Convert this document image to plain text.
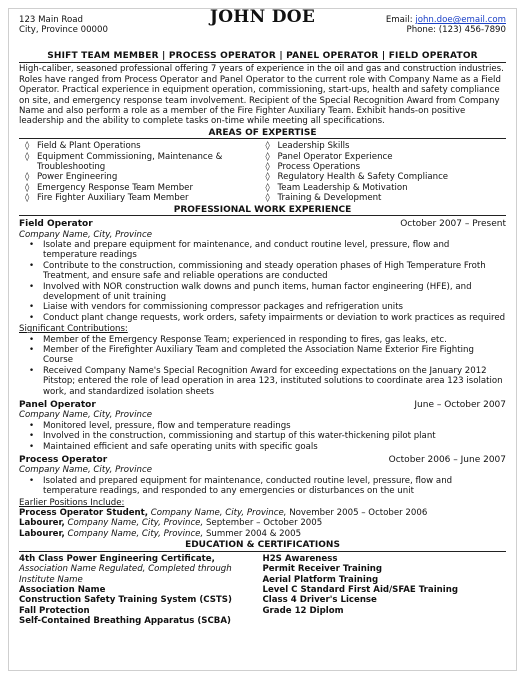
123 Main Road
City, Province 00000
JOHN DOE	Email: john.doe@email.com
Phone: (123) 456-7890
SHIFT TEAM MEMBER | PROCESS OPERATOR | PANEL OPERATOR | FIELD OPERATOR

High-caliber, seasoned professional offering 7 years of experience in the oil and gas and construction industries. Roles have ranged from Process Operator and Panel Operator to the current role with Company Name as a Field Operator. Practical experience in equipment operation, commissioning, start-ups, health and safety compliance on site, and emergency response team involvement. Recipient of the Special Recognition Award from Company Name and also perform a role as a member of the Fire Fighter Auxiliary Team. Exhibit hands-on positive leadership and the ability to complete tasks on-time while meeting all specifications.

AREAS OF EXPERTISE
◊ Field & Plant Operations
◊ Equipment Commissioning, Maintenance & Troubleshooting
◊ Power Engineering
◊ Emergency Response Team Member
◊ Fire Fighter Auxiliary Team Member
◊ Leadership Skills
◊ Panel Operator Experience
◊ Process Operations
◊ Regulatory Health & Safety Compliance
◊ Team Leadership & Motivation
◊ Training & Development
PROFESSIONAL WORK EXPERIENCE
Field Operator	October 2007 – Present
Company Name, City, Province
• Isolate and prepare equipment for maintenance, and conduct routine level, pressure, flow and temperature readings
• Contribute to the construction, commissioning and steady operation phases of High Temperature Froth Treatment, and ensure safe and reliable operations are conducted
• Involved with NOR construction walk downs and punch items, human factor engineering (HFE), and development of unit training
• Liaise with vendors for commissioning compressor packages and refrigeration units
• Conduct plant change requests, work orders, safety impairments or deviation to work practices as required
Significant Contributions:
• Member of the Emergency Response Team; experienced in responding to fires, gas leaks, etc.
• Member of the Firefighter Auxiliary Team and completed the Association Name Exterior Fire Fighting Course
• Received Company Name's Special Recognition Award for exceeding expectations on the January 2012 Pitstop; entered the role of lead operation in area 123, instituted solutions to coordinate area 123 isolation work, and standardized isolation sheets
Panel Operator	June – October 2007
Company Name, City, Province
• Monitored level, pressure, flow and temperature readings
• Involved in the construction, commissioning and startup of this water-thickening pilot plant
• Maintained efficient and safe operating units with specific goals
Process Operator	October 2006 – June 2007
Company Name, City, Province
• Isolated and prepared equipment for maintenance, conducted routine level, pressure, flow and temperature readings, and responded to any emergencies or disturbances on the unit
Earlier Positions Include:
Process Operator Student, Company Name, City, Province, November 2005 – October 2006
Labourer, Company Name, City, Province, September – October 2005
Labourer, Company Name, City, Province, Summer 2004 & 2005
EDUCATION & CERTIFICATIONS
4th Class Power Engineering Certificate,
Association Name Regulated, Completed through Institute Name
Association Name
Construction Safety Training System (CSTS)
Fall Protection
Self-Contained Breathing Apparatus (SCBA)
H2S Awareness
Permit Receiver Training
Aerial Platform Training
Level C Standard First Aid/SFAE Training
Class 4 Driver's License
Grade 12 Diplom
